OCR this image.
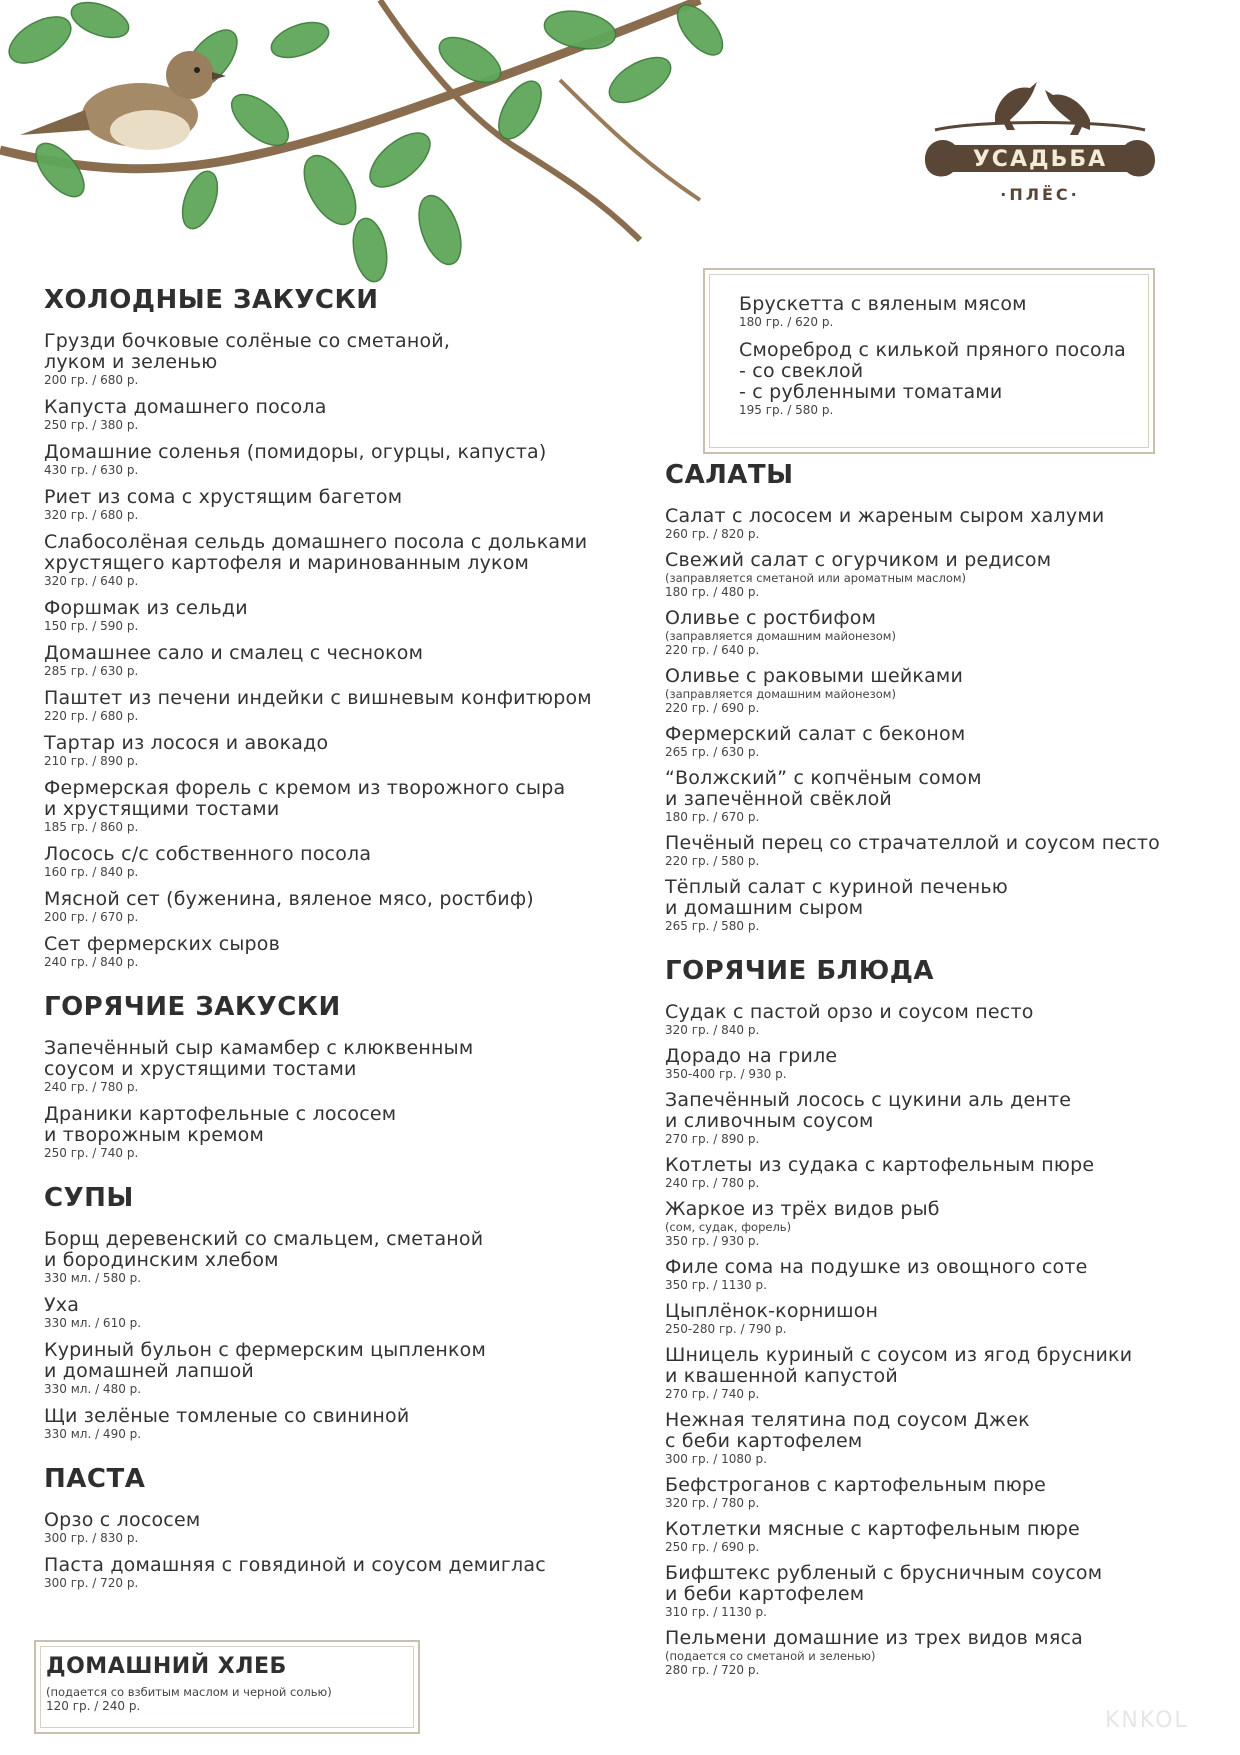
УСАДЬБА
·ПЛЁС·
Брускетта с вяленым мясом
180 гр. / 620 р.
Смореброд с килькой пряного посола
- со свеклой
- с рубленными томатами
195 гр. / 580 р.
ХОЛОДНЫЕ ЗАКУСКИ
Грузди бочковые солёные со сметаной,
луком и зеленью
200 гр. / 680 р.
Капуста домашнего посола
250 гр. / 380 р.
Домашние соленья (помидоры, огурцы, капуста)
430 гр. / 630 р.
Риет из сома с хрустящим багетом
320 гр. / 680 р.
Слабосолёная сельдь домашнего посола с дольками
хрустящего картофеля и маринованным луком
320 гр. / 640 р.
Форшмак из сельди
150 гр. / 590 р.
Домашнее сало и смалец с чесноком
285 гр. / 630 р.
Паштет из печени индейки с вишневым конфитюром
220 гр. / 680 р.
Тартар из лосося и авокадо
210 гр. / 890 р.
Фермерская форель с кремом из творожного сыра
и хрустящими тостами
185 гр. / 860 р.
Лосось с/с собственного посола
160 гр. / 840 р.
Мясной сет (буженина, вяленое мясо, ростбиф)
200 гр. / 670 р.
Сет фермерских сыров
240 гр. / 840 р.
ГОРЯЧИЕ ЗАКУСКИ
Запечённый сыр камамбер с клюквенным
соусом и хрустящими тостами
240 гр. / 780 р.
Драники картофельные с лососем
и творожным кремом
250 гр. / 740 р.
СУПЫ
Борщ деревенский со смальцем, сметаной
и бородинским хлебом
330 мл. / 580 р.
Уха
330 мл. / 610 р.
Куриный бульон с фермерским цыпленком
и домашней лапшой
330 мл. / 480 р.
Щи зелёные томленые со свининой
330 мл. / 490 р.
ПАСТА
Орзо с лососем
300 гр. / 830 р.
Паста домашняя с говядиной и соусом демиглас
300 гр. / 720 р.
ДОМАШНИЙ ХЛЕБ
(подается со взбитым маслом и черной солью)
120 гр. / 240 р.
САЛАТЫ
Салат с лососем и жареным сыром халуми
260 гр. / 820 р.
Свежий салат с огурчиком и редисом
(заправляется сметаной или ароматным маслом)
180 гр. / 480 р.
Оливье с ростбифом
(заправляется домашним майонезом)
220 гр. / 640 р.
Оливье с раковыми шейками
(заправляется домашним майонезом)
220 гр. / 690 р.
Фермерский салат с беконом
265 гр. / 630 р.
“Волжский” с копчёным сомом
и запечённой свёклой
180 гр. / 670 р.
Печёный перец со страчателлой и соусом песто
220 гр. / 580 р.
Тёплый салат с куриной печенью
и домашним сыром
265 гр. / 580 р.
ГОРЯЧИЕ БЛЮДА
Судак с пастой орзо и соусом песто
320 гр. / 840 р.
Дорадо на гриле
350-400 гр. / 930 р.
Запечённый лосось с цукини аль денте
и сливочным соусом
270 гр. / 890 р.
Котлеты из судака с картофельным пюре
240 гр. / 780 р.
Жаркое из трёх видов рыб
(сом, судак, форель)
350 гр. / 930 р.
Филе сома на подушке из овощного соте
350 гр. / 1130 р.
Цыплёнок-корнишон
250-280 гр. / 790 р.
Шницель куриный с соусом из ягод брусники
и квашенной капустой
270 гр. / 740 р.
Нежная телятина под соусом Джек
с беби картофелем
300 гр. / 1080 р.
Бефстроганов с картофельным пюре
320 гр. / 780 р.
Котлетки мясные с картофельным пюре
250 гр. / 690 р.
Бифштекс рубленый с брусничным соусом
и беби картофелем
310 гр. / 1130 р.
Пельмени домашние из трех видов мяса
(подается со сметаной и зеленью)
280 гр. / 720 р.
KNKOL
